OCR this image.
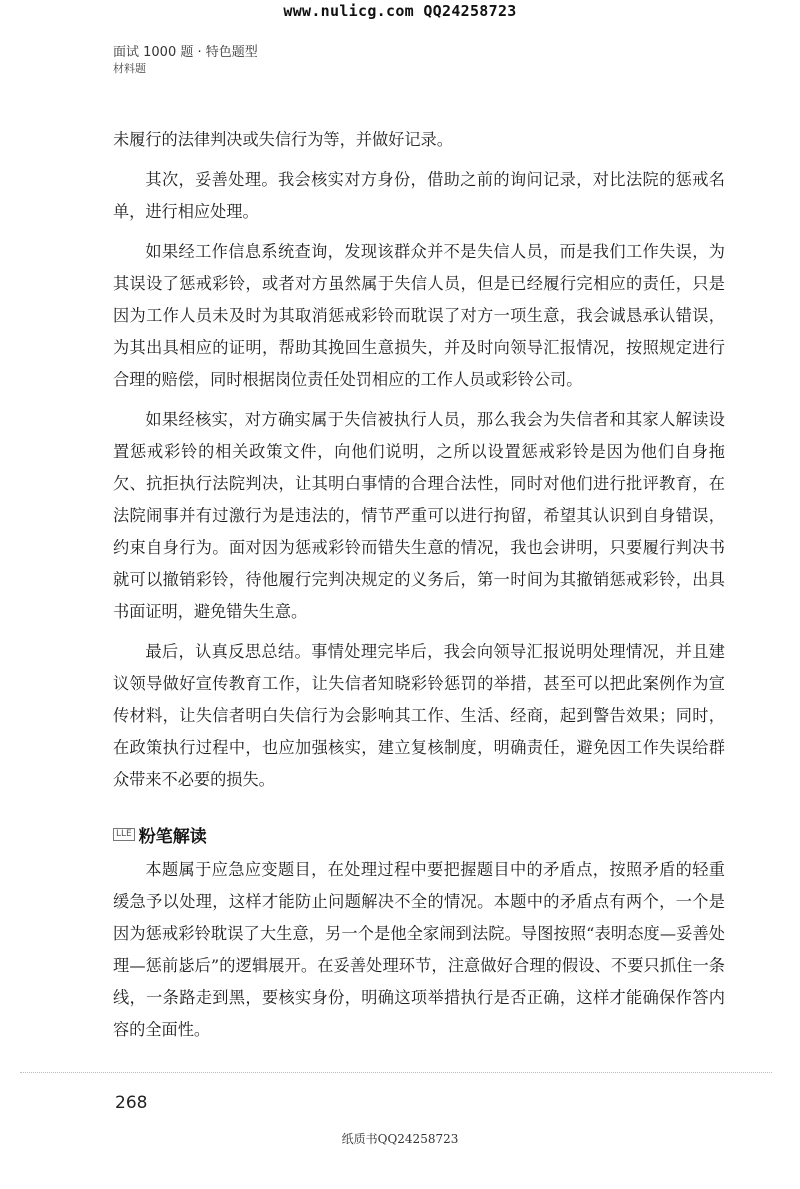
www.nulicg.com QQ24258723
面试 1000 题 · 特色题型
材料题

未履行的法律判决或失信行为等，并做好记录。

其次，妥善处理。我会核实对方身份，借助之前的询问记录，对比法院的惩戒名单，进行相应处理。

如果经工作信息系统查询，发现该群众并不是失信人员，而是我们工作失误，为其误设了惩戒彩铃，或者对方虽然属于失信人员，但是已经履行完相应的责任，只是因为工作人员未及时为其取消惩戒彩铃而耽误了对方一项生意，我会诚恳承认错误，为其出具相应的证明，帮助其挽回生意损失，并及时向领导汇报情况，按照规定进行合理的赔偿，同时根据岗位责任处罚相应的工作人员或彩铃公司。

如果经核实，对方确实属于失信被执行人员，那么我会为失信者和其家人解读设置惩戒彩铃的相关政策文件，向他们说明，之所以设置惩戒彩铃是因为他们自身拖欠、抗拒执行法院判决，让其明白事情的合理合法性，同时对他们进行批评教育，在法院闹事并有过激行为是违法的，情节严重可以进行拘留，希望其认识到自身错误，约束自身行为。面对因为惩戒彩铃而错失生意的情况，我也会讲明，只要履行判决书就可以撤销彩铃，待他履行完判决规定的义务后，第一时间为其撤销惩戒彩铃，出具书面证明，避免错失生意。

最后，认真反思总结。事情处理完毕后，我会向领导汇报说明处理情况，并且建议领导做好宣传教育工作，让失信者知晓彩铃惩罚的举措，甚至可以把此案例作为宣传材料，让失信者明白失信行为会影响其工作、生活、经商，起到警告效果；同时，在政策执行过程中，也应加强核实，建立复核制度，明确责任，避免因工作失误给群众带来不必要的损失。

LLE 粉笔解读

本题属于应急应变题目，在处理过程中要把握题目中的矛盾点，按照矛盾的轻重缓急予以处理，这样才能防止问题解决不全的情况。本题中的矛盾点有两个，一个是因为惩戒彩铃耽误了大生意，另一个是他全家闹到法院。导图按照“表明态度—妥善处理—惩前毖后”的逻辑展开。在妥善处理环节，注意做好合理的假设、不要只抓住一条线，一条路走到黑，要核实身份，明确这项举措执行是否正确，这样才能确保作答内容的全面性。

268
纸质书QQ24258723
